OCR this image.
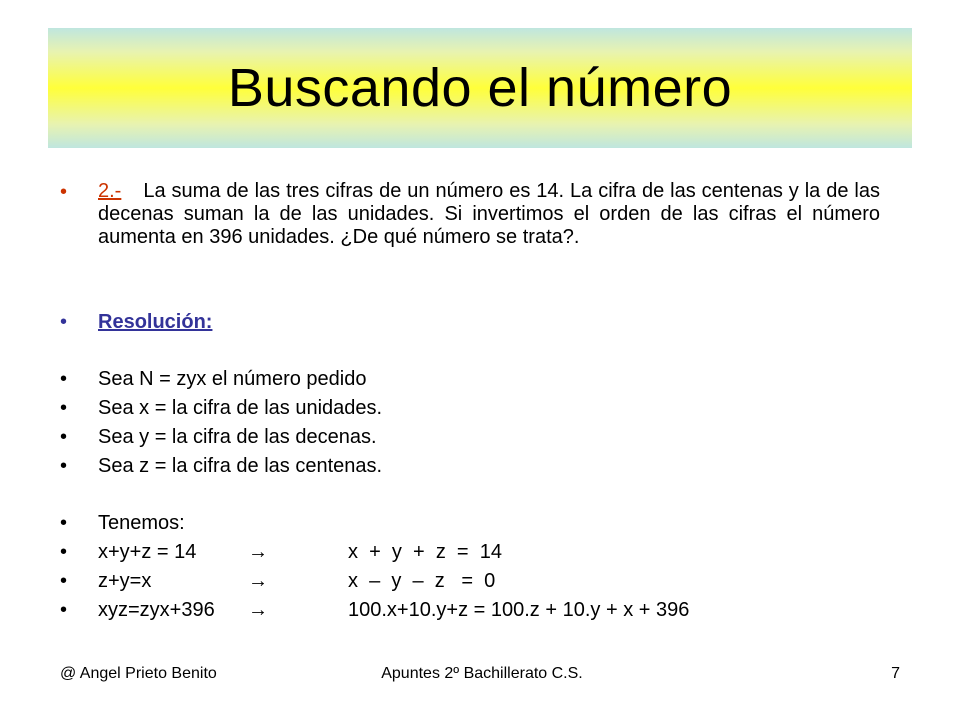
Buscando el número
•	2.- La suma de las tres cifras de un número es 14. La cifra de las centenas y la de las decenas suman la de las unidades. Si invertimos el orden de las cifras el número aumenta en 396 unidades. ¿De qué número se trata?.
•	Resolución:
•	Sea N = zyx el número pedido
•	Sea x = la cifra de las unidades.
•	Sea y = la cifra de las decenas.
•	Sea z = la cifra de las centenas.
•	Tenemos:
•	x+y+z = 14	→	x  +  y  +  z  =  14
•	z+y=x	→	x  –  y  –  z   =  0
•	xyz=zyx+396 →	100.x+10.y+z = 100.z + 10.y + x + 396
@ Angel Prieto Benito	Apuntes 2º Bachillerato C.S.	7
